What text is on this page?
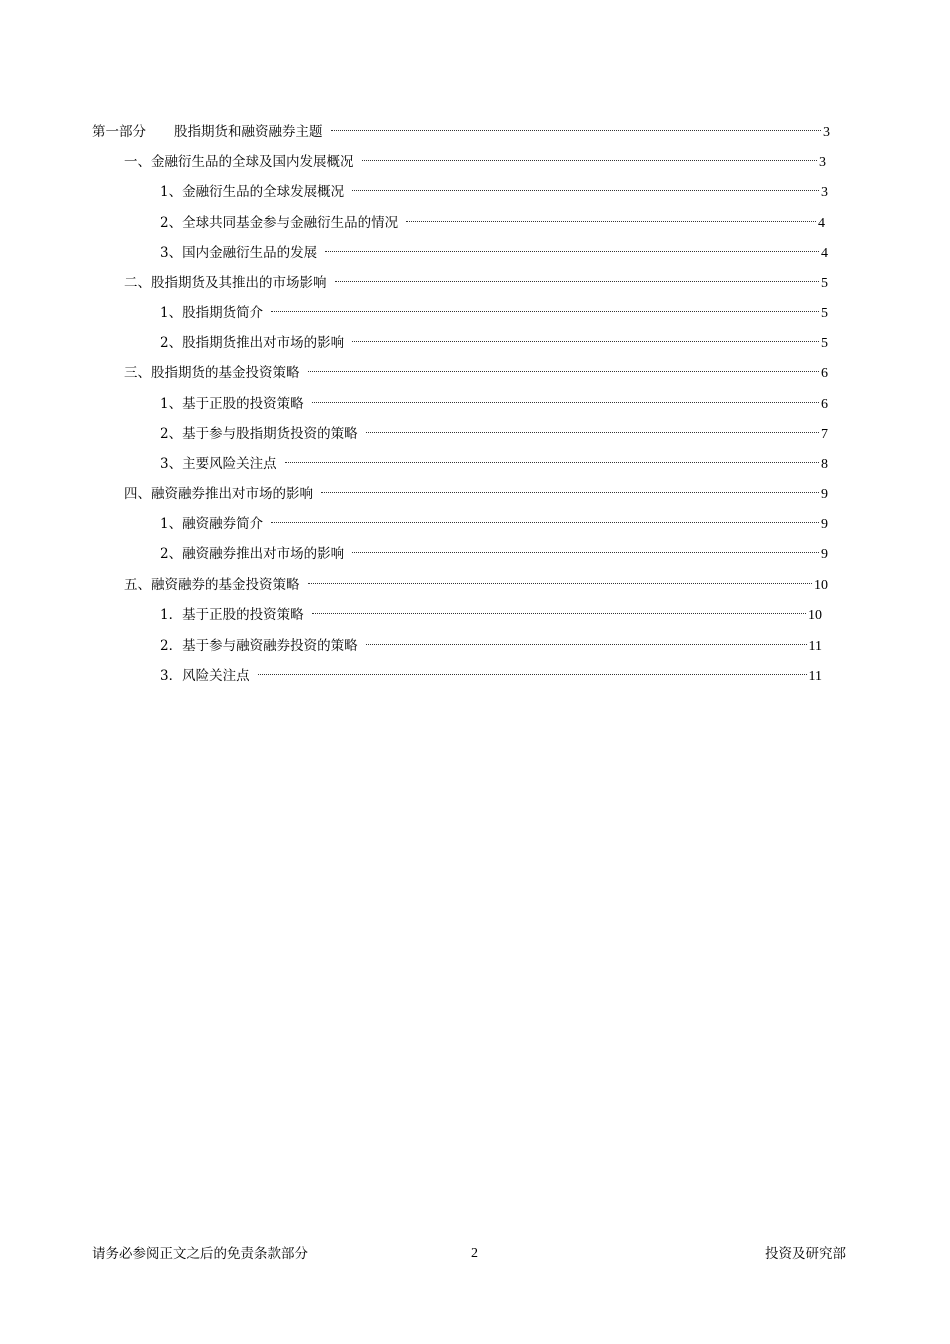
第一部分 股指期货和融资融券主题	3
一、金融衍生品的全球及国内发展概况	3
1、金融衍生品的全球发展概况	3
2、全球共同基金参与金融衍生品的情况	4
3、国内金融衍生品的发展	4
二、股指期货及其推出的市场影响	5
1、股指期货简介	5
2、股指期货推出对市场的影响	5
三、股指期货的基金投资策略	6
1、基于正股的投资策略	6
2、基于参与股指期货投资的策略	7
3、主要风险关注点	8
四、融资融券推出对市场的影响	9
1、融资融券简介	9
2、融资融券推出对市场的影响	9
五、融资融券的基金投资策略	10
1．基于正股的投资策略	10
2．基于参与融资融券投资的策略	11
3．风险关注点	11
请务必参阅正文之后的免责条款部分	2	投资及研究部
